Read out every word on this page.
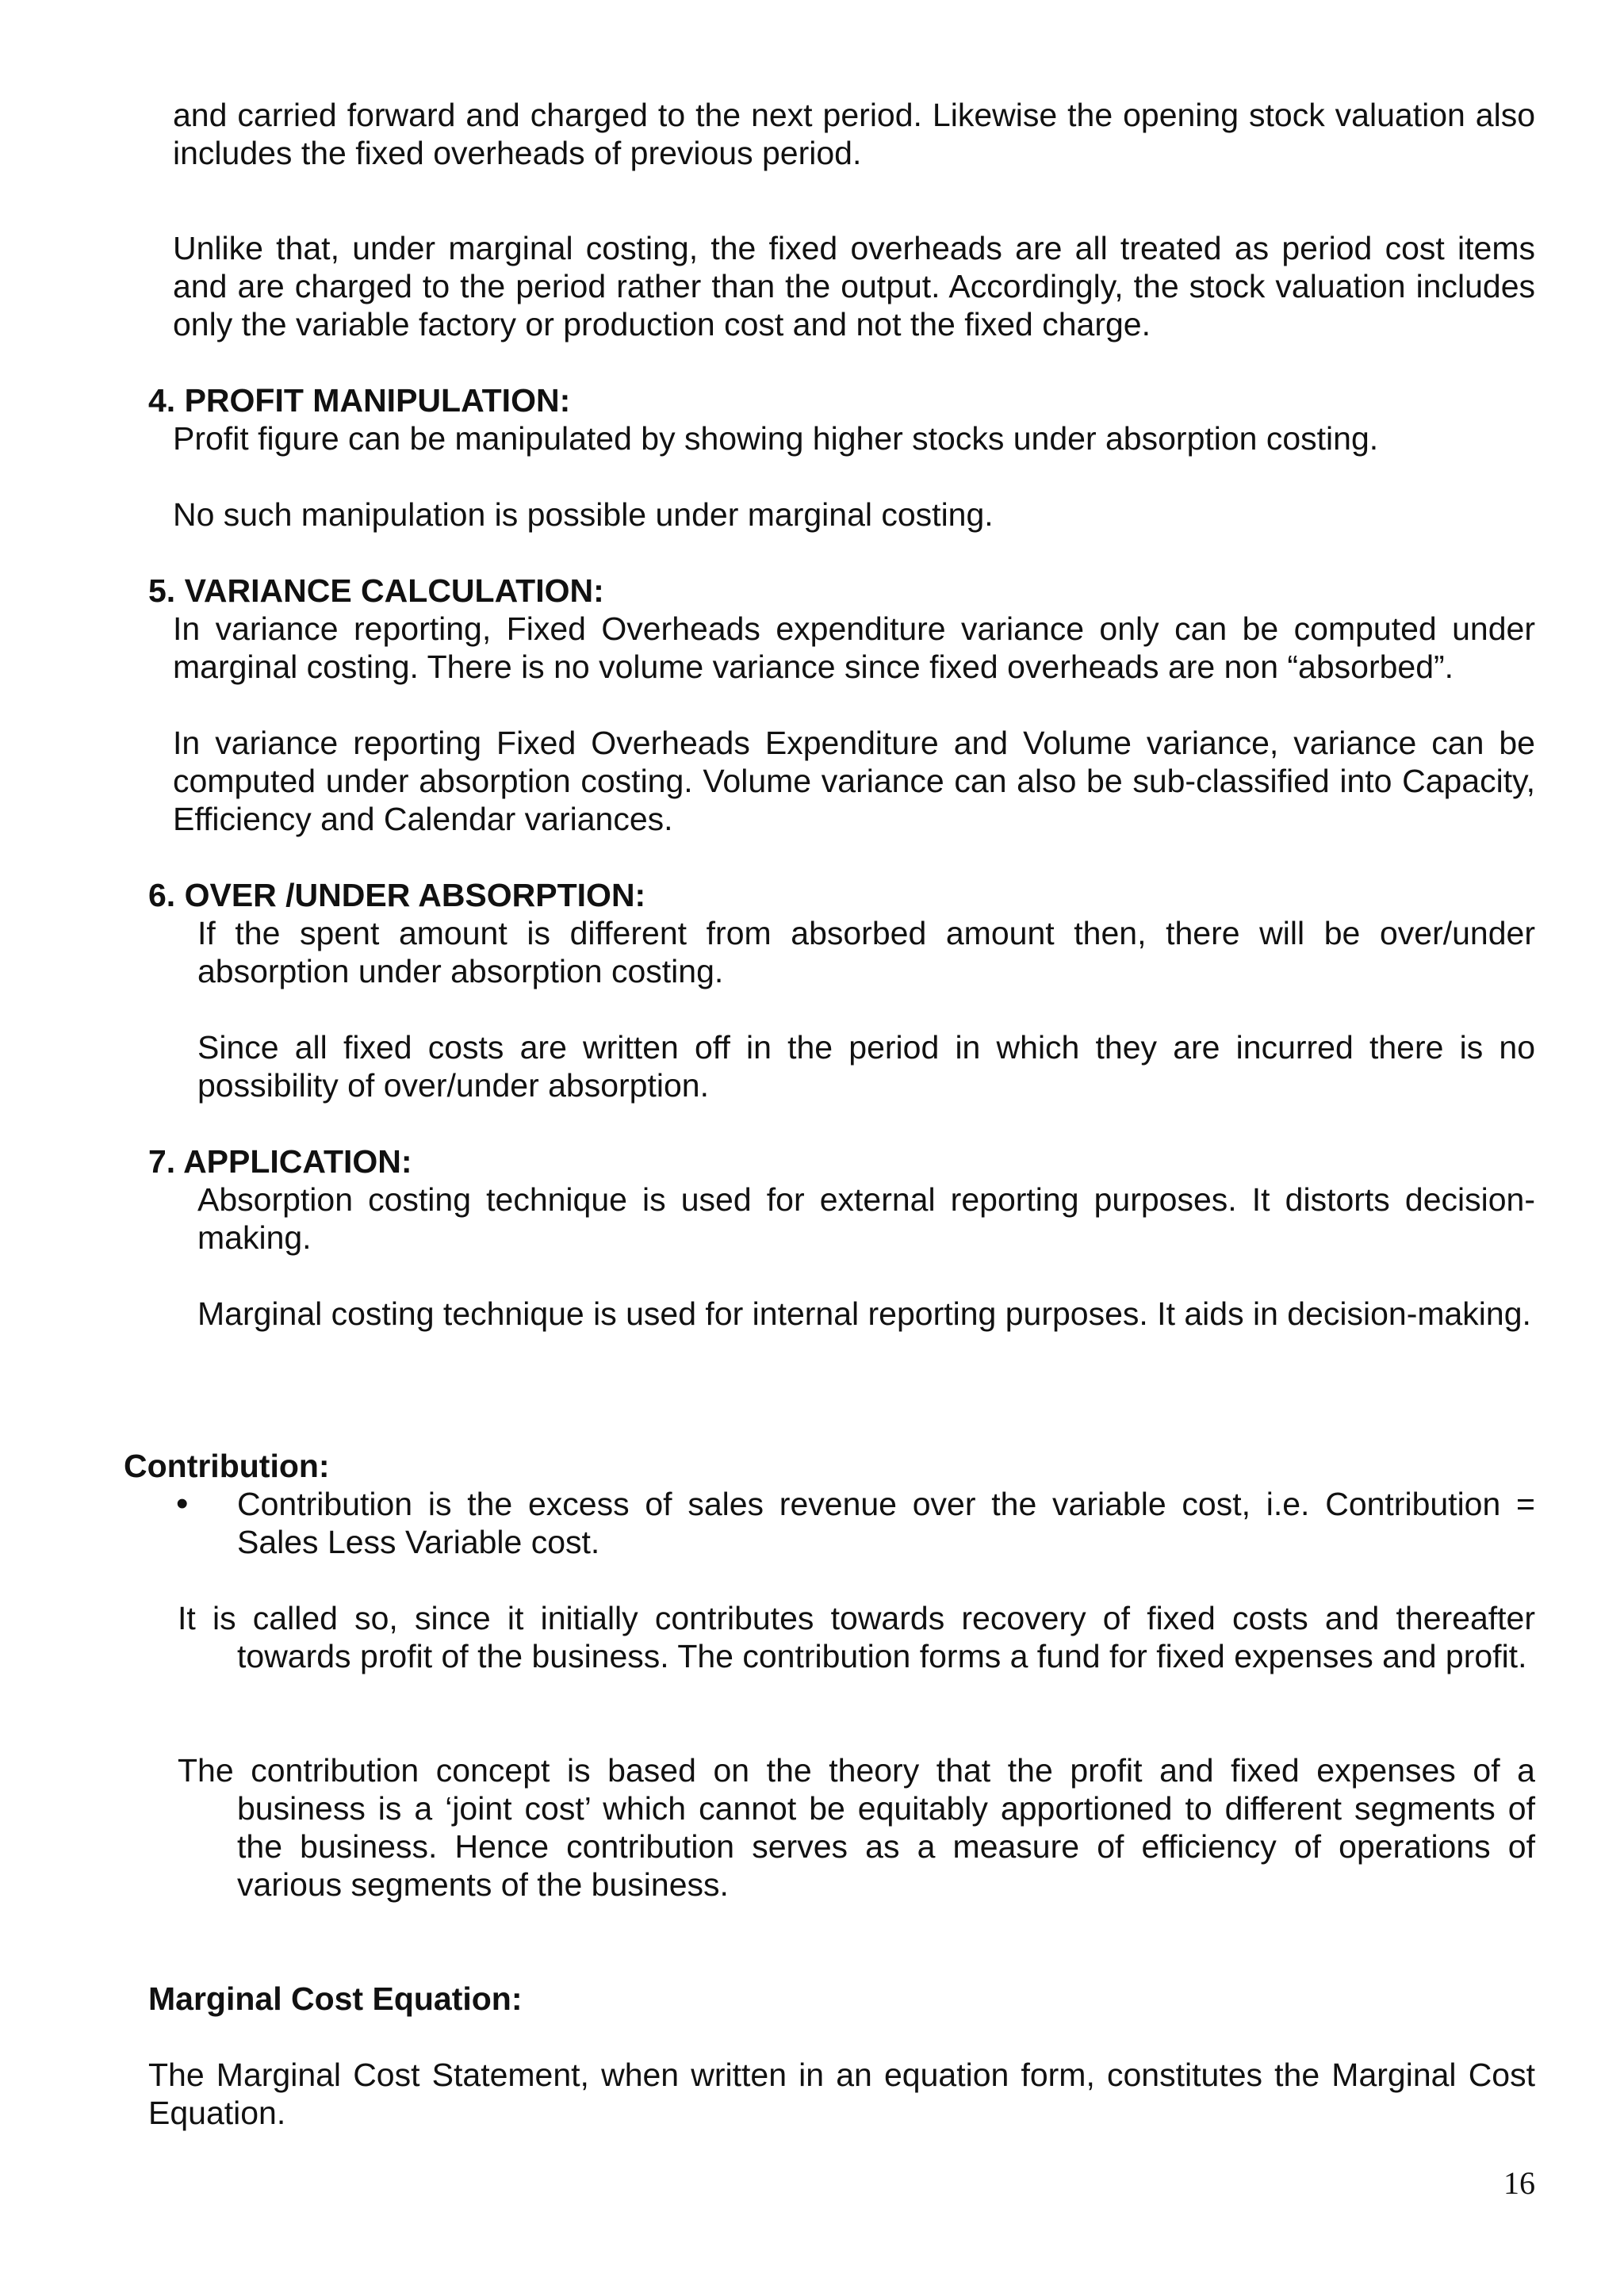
and carried forward and charged to the next period. Likewise the opening stock valuation also includes the fixed overheads of previous period.

Unlike that, under marginal costing, the fixed overheads are all treated as period cost items and are charged to the period rather than the output. Accordingly, the stock valuation includes only the variable factory or production cost and not the fixed charge.

4. PROFIT MANIPULATION:

Profit figure can be manipulated by showing higher stocks under absorption costing.

No such manipulation is possible under marginal costing.

5. VARIANCE CALCULATION:

In variance reporting, Fixed Overheads expenditure variance only can be computed under marginal costing. There is no volume variance since fixed overheads are non “absorbed”.

In variance reporting Fixed Overheads Expenditure and Volume variance, variance can be computed under absorption costing. Volume variance can also be sub-classified into Capacity, Efficiency and Calendar variances.

6. OVER /UNDER ABSORPTION:

If the spent amount is different from absorbed amount then, there will be over/under absorption under absorption costing.

Since all fixed costs are written off in the period in which they are incurred there is no possibility of over/under absorption.

7. APPLICATION:

Absorption costing technique is used for external reporting purposes. It distorts decision-making.

Marginal costing technique is used for internal reporting purposes. It aids in decision-making.

Contribution:
• Contribution is the excess of sales revenue over the variable cost, i.e. Contribution = Sales Less Variable cost.

It is called so, since it initially contributes towards recovery of fixed costs and thereafter towards profit of the business. The contribution forms a fund for fixed expenses and profit.

The contribution concept is based on the theory that the profit and fixed expenses of a business is a ‘joint cost’ which cannot be equitably apportioned to different segments of the business. Hence contribution serves as a measure of efficiency of operations of various segments of the business.

Marginal Cost Equation:

The Marginal Cost Statement, when written in an equation form, constitutes the Marginal Cost Equation.

16
